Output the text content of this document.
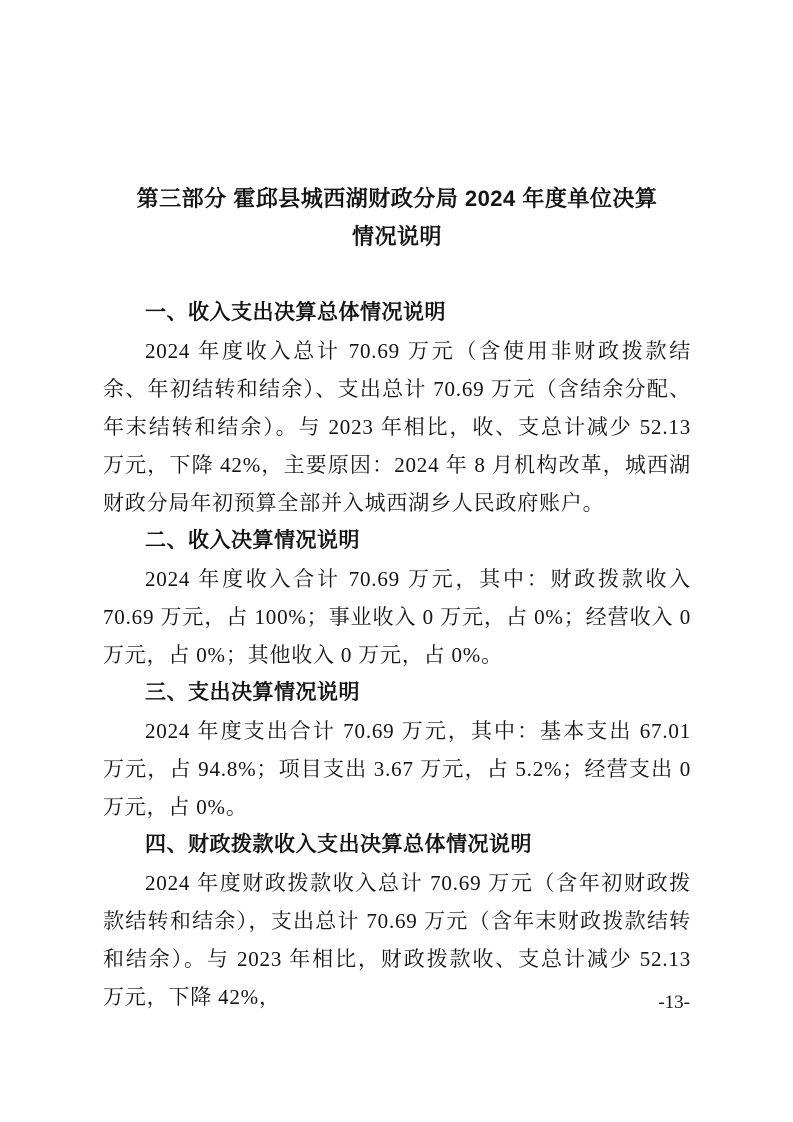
第三部分 霍邱县城西湖财政分局 2024 年度单位决算
情况说明
一、收入支出决算总体情况说明

2024 年度收入总计 70.69 万元（含使用非财政拨款结余、年初结转和结余）、支出总计 70.69 万元（含结余分配、年末结转和结余）。与 2023 年相比，收、支总计减少 52.13 万元，下降 42%，主要原因：2024 年 8 月机构改革，城西湖财政分局年初预算全部并入城西湖乡人民政府账户。

二、收入决算情况说明

2024 年度收入合计 70.69 万元，其中：财政拨款收入 70.69 万元，占 100%；事业收入 0 万元，占 0%；经营收入 0 万元，占 0%；其他收入 0 万元，占 0%。

三、支出决算情况说明

2024 年度支出合计 70.69 万元，其中：基本支出 67.01 万元，占 94.8%；项目支出 3.67 万元，占 5.2%；经营支出 0 万元，占 0%。

四、财政拨款收入支出决算总体情况说明

2024 年度财政拨款收入总计 70.69 万元（含年初财政拨款结转和结余），支出总计 70.69 万元（含年末财政拨款结转和结余）。与 2023 年相比，财政拨款收、支总计减少 52.13 万元，下降 42%，	-13-
